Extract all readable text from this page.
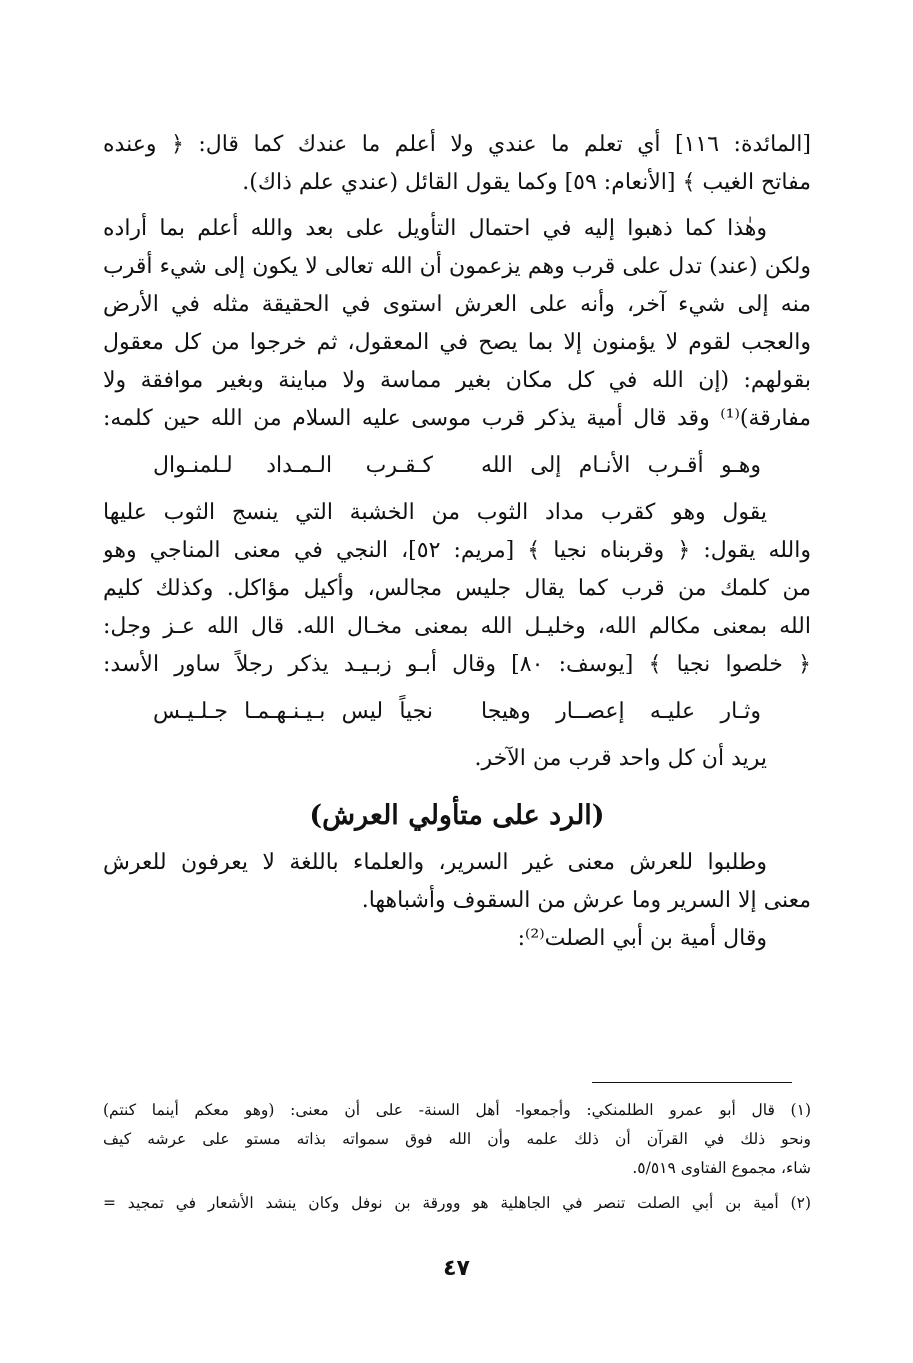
[المائدة: ١١٦] أي تعلم ما عندي ولا أعلم ما عندك كما قال: ﴿ وعنده
مفاتح الغيب ﴾ [الأنعام: ٥٩] وكما يقول القائل (عندي علم ذاك).
وهٰذا كما ذهبوا إليه في احتمال التأويل على بعد والله أعلم بما أراده
ولكن (عند) تدل على قرب وهم يزعمون أن الله تعالى لا يكون إلى شيء أقرب
منه إلى شيء آخر، وأنه على العرش استوى في الحقيقة مثله في الأرض
والعجب لقوم لا يؤمنون إلا بما يصح في المعقول، ثم خرجوا من كل معقول
بقولهم: (إن الله في كل مكان بغير مماسة ولا مباينة وبغير موافقة ولا
مفارقة)⁽¹⁾ وقد قال أمية يذكر قرب موسى عليه السلام من الله حين كلمه:
وهـو أقـرب الأنـام إلى الله
كـقـرب الـمـداد لـلمنـوال
يقول وهو كقرب مداد الثوب من الخشبة التي ينسج الثوب عليها
والله يقول: ﴿ وقربناه نجيا ﴾ [مريم: ٥٢]، النجي في معنى المناجي وهو
من كلمك من قرب كما يقال جليس مجالس، وأكيل مؤاكل. وكذلك كليم
الله بمعنى مكالم الله، وخليـل الله بمعنى مخـال الله. قال الله عـز وجل:
﴿ خلصوا نجيا ﴾ [يوسف: ٨٠] وقال أبـو زبـيـد يذكر رجلاً ساور الأسد:
وثـار عليـه إعصــار وهيجا
نجياً ليس بـيـنـهـمـا جـلـيـس
يريد أن كل واحد قرب من الآخر.
(الرد على متأولي العرش)
وطلبوا للعرش معنى غير السرير، والعلماء باللغة لا يعرفون للعرش
معنى إلا السرير وما عرش من السقوف وأشباهها.
وقال أمية بن أبي الصلت⁽²⁾:
(١) قال أبو عمرو الطلمنكي: وأجمعوا- أهل السنة- على أن معنى: (وهو معكم أينما كنتم)
ونحو ذلك في القرآن أن ذلك علمه وأن الله فوق سمواته بذاته مستو على عرشه كيف
شاء، مجموع الفتاوى ٥/٥١٩.
(٢) أمية بن أبي الصلت تنصر في الجاهلية هو وورقة بن نوفل وكان ينشد الأشعار في تمجيد =
٤٧
